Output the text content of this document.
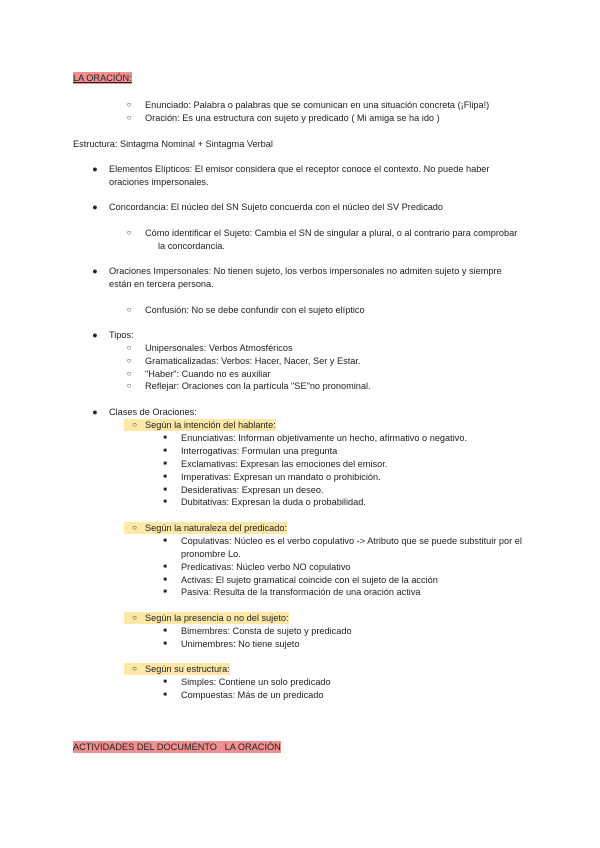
LA ORACIÓN:
○ Enunciado: Palabra o palabras que se comunican en una situación concreta (¡Flipa!)
○ Oración: Es una estructura con sujeto y predicado ( Mi amiga se ha ido )
Estructura: Sintagma Nominal + Sintagma Verbal
● Elementos Elípticos: El emisor considera que el receptor conoce el contexto. No puede haber
oraciones impersonales.
● Concordancia: El núcleo del SN Sujeto concuerda con el núcleo del SV Predicado
○ Cómo identificar el Sujeto: Cambia el SN de singular a plural, o al contrario para comprobar
la concordancia.
● Oraciones Impersonales: No tienen sujeto, los verbos impersonales no admiten sujeto y siempre
están en tercera persona.
○ Confusión: No se debe confundir con el sujeto elíptico
● Tipos:
○ Unipersonales: Verbos Atmosféricos
○ Gramaticalizadas: Verbos: Hacer, Nacer, Ser y Estar.
○ "Haber": Cuando no es auxiliar
○ Reflejar: Oraciones con la partícula "SE"no pronominal.
● Clases de Oraciones:
○ Según la intención del hablante:
■	Enunciativas: Informan objetivamente un hecho, afirmativo o negativo.
■	Interrogativas: Formulan una pregunta
■	Exclamativas: Expresan las emociones del emisor.
■	Imperativas: Expresan un mandato o prohibición.
■	Desiderativas: Expresan un deseo.
■	Dubitativas: Expresan la duda o probabilidad.
○ Según la naturaleza del predicado:
■	Copulativas: Núcleo es el verbo copulativo -> Atributo que se puede substituir por el
pronombre Lo.
■	Predicativas: Núcleo verbo NO copulativo
■	Activas: El sujeto gramatical coincide con el sujeto de la acción
■	Pasiva: Resulta de la transformación de una oración activa
○ Según la presencia o no del sujeto:
■	Bimembres: Consta de sujeto y predicado
■	Unimembres: No tiene sujeto
○ Según su estructura:
■	Simples: Contiene un solo predicado
■	Compuestas: Más de un predicado
ACTIVIDADES DEL DOCUMENTO   LA ORACIÓN
